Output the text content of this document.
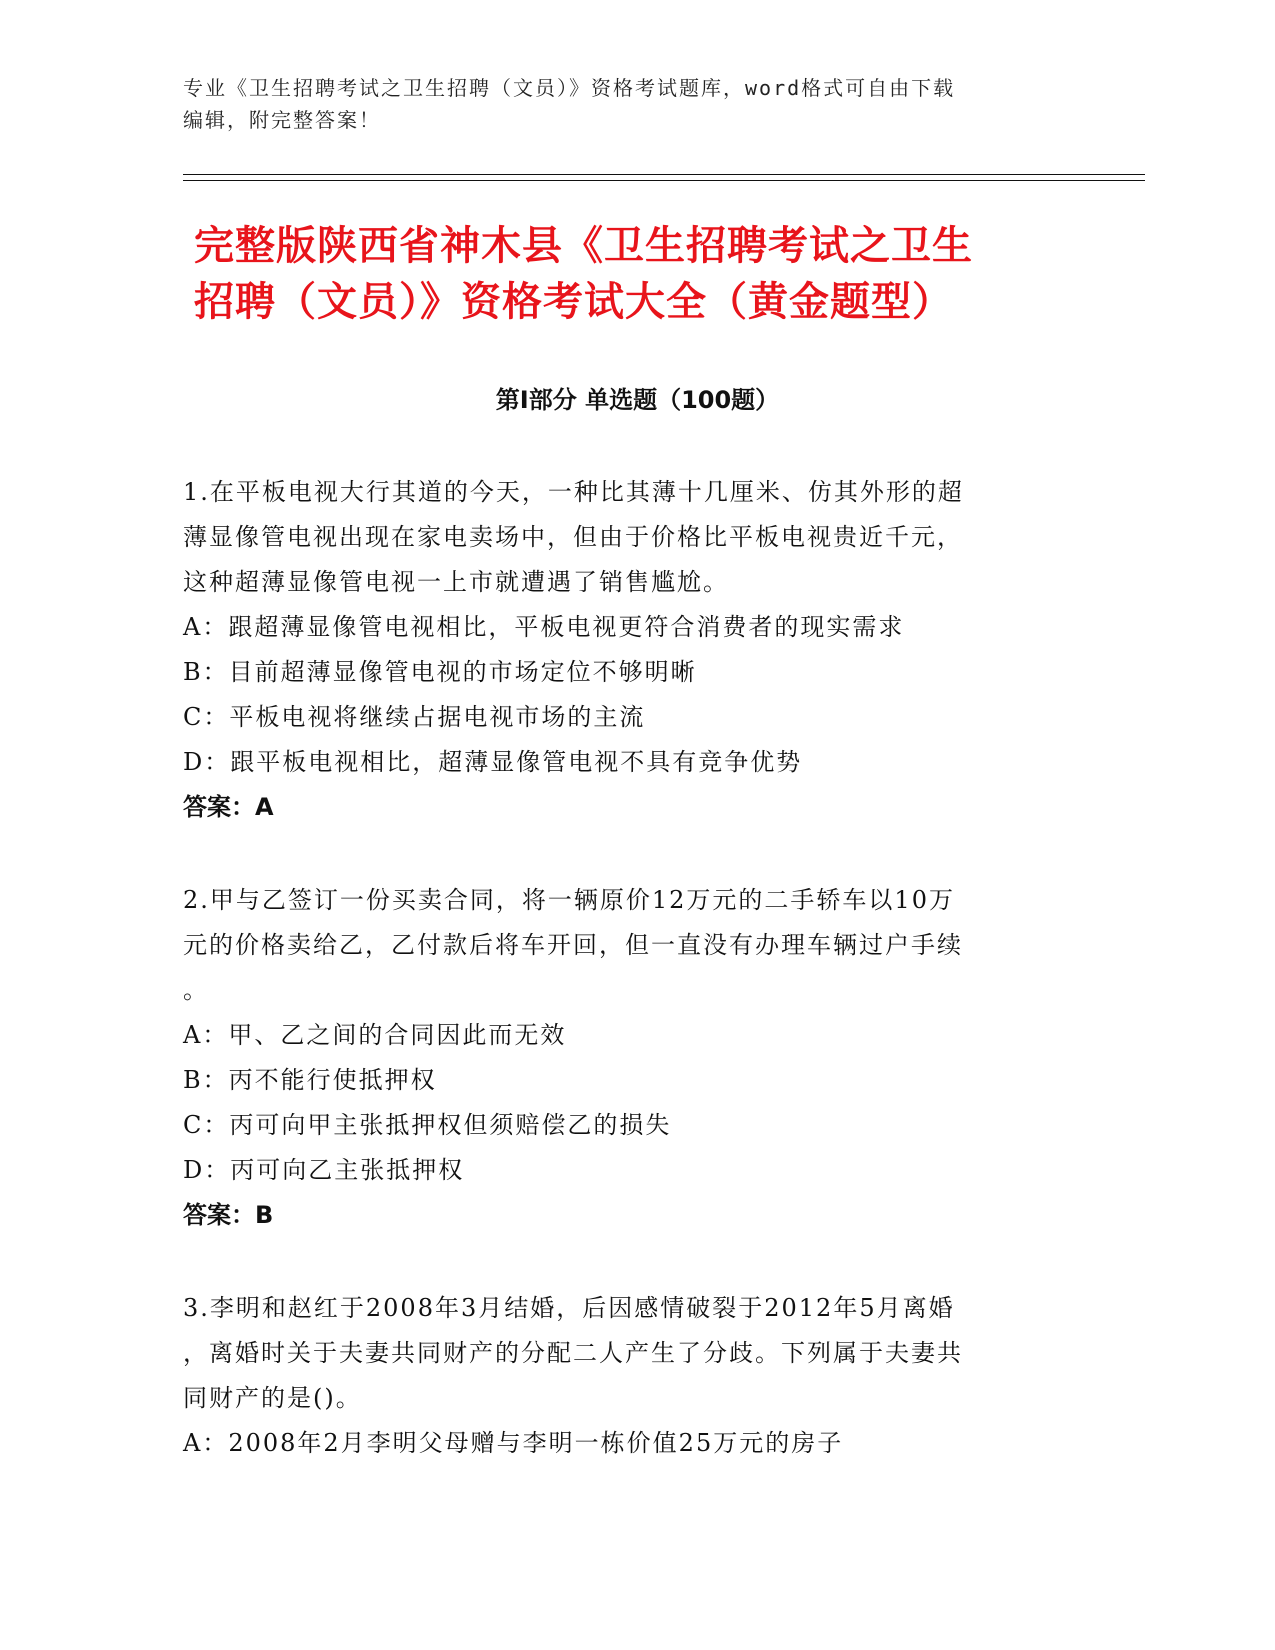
专业《卫生招聘考试之卫生招聘（文员）》资格考试题库，word格式可自由下载
编辑，附完整答案！
完整版陕西省神木县《卫生招聘考试之卫生
招聘（文员）》资格考试大全（黄金题型）
第Ⅰ部分 单选题（100题）
1.在平板电视大行其道的今天，一种比其薄十几厘米、仿其外形的超
薄显像管电视出现在家电卖场中，但由于价格比平板电视贵近千元，
这种超薄显像管电视一上市就遭遇了销售尴尬。
A：跟超薄显像管电视相比，平板电视更符合消费者的现实需求
B：目前超薄显像管电视的市场定位不够明晰
C：平板电视将继续占据电视市场的主流
D：跟平板电视相比，超薄显像管电视不具有竞争优势
答案：A
2.甲与乙签订一份买卖合同，将一辆原价12万元的二手轿车以10万
元的价格卖给乙，乙付款后将车开回，但一直没有办理车辆过户手续
。
A：甲、乙之间的合同因此而无效
B：丙不能行使抵押权
C：丙可向甲主张抵押权但须赔偿乙的损失
D：丙可向乙主张抵押权
答案：B
3.李明和赵红于2008年3月结婚，后因感情破裂于2012年5月离婚
，离婚时关于夫妻共同财产的分配二人产生了分歧。下列属于夫妻共
同财产的是()。
A：2008年2月李明父母赠与李明一栋价值25万元的房子
